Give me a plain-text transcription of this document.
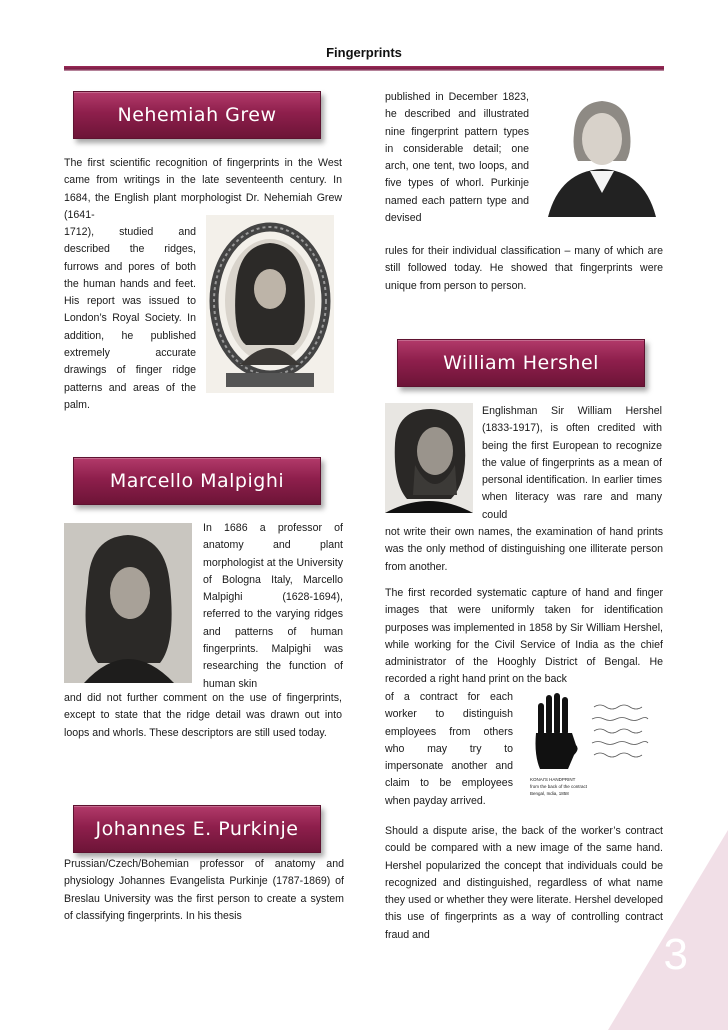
Fingerprints
Nehemiah Grew
The first scientific recognition of fingerprints in the West came from writings in the late seventeenth century. In 1684, the English plant morphologist Dr. Nehemiah Grew (1641-
1712), studied and described the ridges, furrows and pores of both the human hands and feet. His report was issued to London’s Royal Society. In addition, he published extremely accurate drawings of finger ridge patterns and areas of the palm.
Marcello Malpighi
In 1686 a professor of anatomy and plant morphologist at the University of Bologna Italy, Marcello Malpighi (1628-1694), referred to the varying ridges and patterns of human fingerprints. Malpighi was researching the function of human skin
and did not further comment on the use of fingerprints, except to state that the ridge detail was drawn out into loops and whorls. These descriptors are still used today.
Johannes E. Purkinje
Prussian/Czech/Bohemian professor of anatomy and physiology Johannes Evangelista Purkinje (1787-1869) of Breslau University was the first person to create a system of classifying fingerprints. In his thesis
published in December 1823, he described and illustrated nine fingerprint pattern types in considerable detail; one arch, one tent, two loops, and five types of whorl. Purkinje named each pattern type and devised
rules for their individual classification – many of which are still followed today. He showed that fingerprints were unique from person to person.
William Hershel
Englishman Sir William Hershel (1833-1917), is often credited with being the first European to recognize the value of fingerprints as a mean of personal identification. In earlier times when literacy was rare and many could
not write their own names, the examination of hand prints was the only method of distinguishing one illiterate person from another.
The first recorded systematic capture of hand and finger images that were uniformly taken for identification purposes was implemented in 1858 by Sir William Hershel, while working for the Civil Service of India as the chief administrator of the Hooghly District of Bengal. He recorded a right hand print on the back
of a contract for each worker to distinguish employees from others who may try to impersonate another and claim to be employees when payday arrived.
KONAI'S HANDPRINT
from the back of the contract
Bengal, India, 1858
Should a dispute arise, the back of the worker’s contract could be compared with a new image of the same hand. Hershel popularized the concept that individuals could be recognized and distinguished, regardless of what name they used or whether they were literate. Hershel developed this use of fingerprints as a way of controlling contract fraud and	3
